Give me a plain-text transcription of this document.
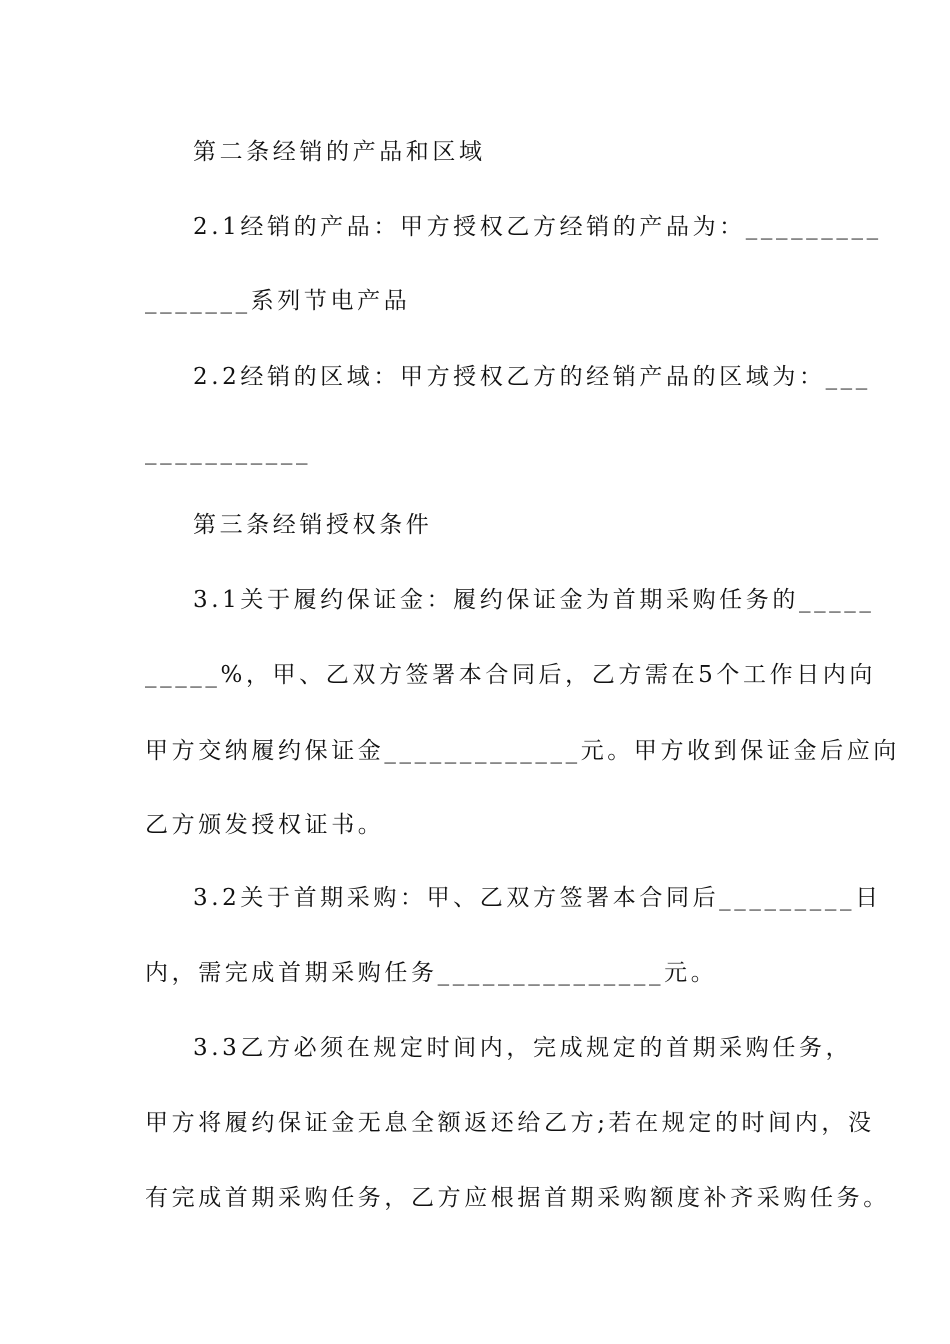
第二条经销的产品和区域
2.1经销的产品：甲方授权乙方经销的产品为：_________
_______系列节电产品
2.2经销的区域：甲方授权乙方的经销产品的区域为：___
___________
第三条经销授权条件
3.1关于履约保证金：履约保证金为首期采购任务的_____
_____%，甲、乙双方签署本合同后，乙方需在5个工作日内向
甲方交纳履约保证金_____________元。甲方收到保证金后应向
乙方颁发授权证书。
3.2关于首期采购：甲、乙双方签署本合同后_________日
内，需完成首期采购任务_______________元。
3.3乙方必须在规定时间内，完成规定的首期采购任务，
甲方将履约保证金无息全额返还给乙方;若在规定的时间内，没
有完成首期采购任务，乙方应根据首期采购额度补齐采购任务。
